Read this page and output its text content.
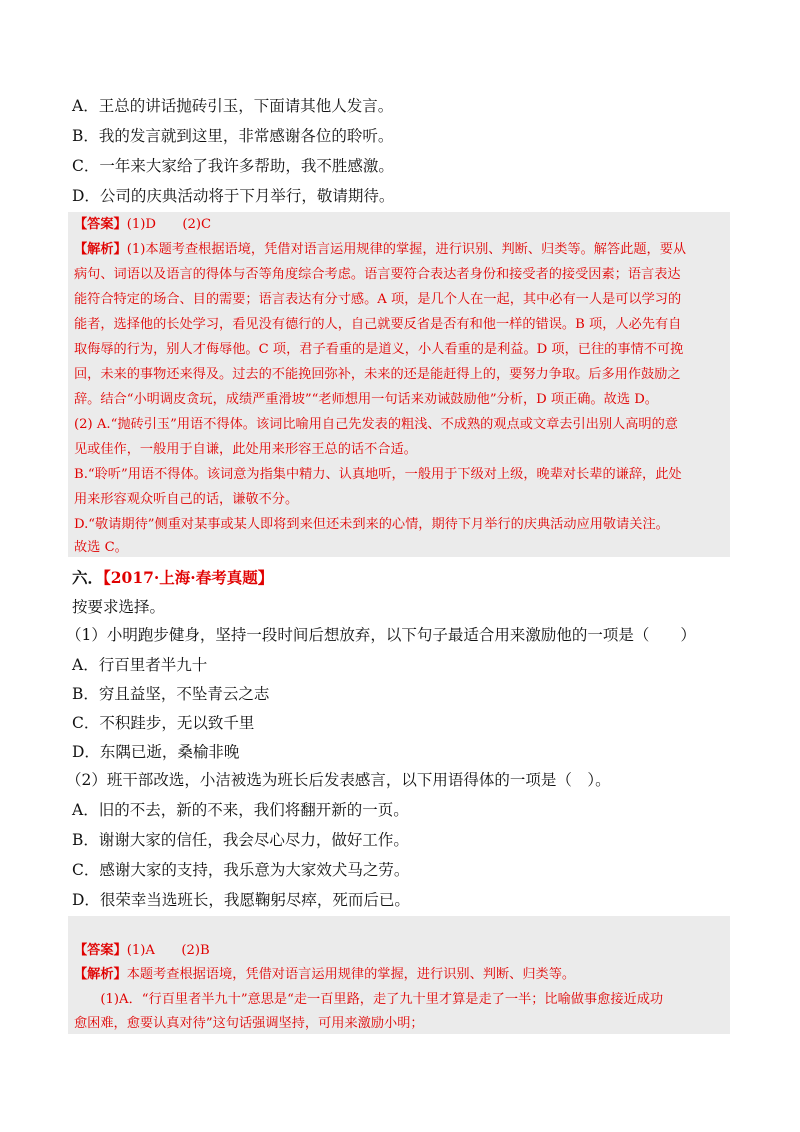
A．王总的讲话抛砖引玉，下面请其他人发言。
B．我的发言就到这里，非常感谢各位的聆听。
C．一年来大家给了我许多帮助，我不胜感激。
D．公司的庆典活动将于下月举行，敬请期待。
【答案】(1)D　　(2)C
【解析】(1)本题考查根据语境，凭借对语言运用规律的掌握，进行识别、判断、归类等。解答此题，要从
病句、词语以及语言的得体与否等角度综合考虑。语言要符合表达者身份和接受者的接受因素；语言表达
能符合特定的场合、目的需要；语言表达有分寸感。A 项，是几个人在一起，其中必有一人是可以学习的
能者，选择他的长处学习，看见没有德行的人，自己就要反省是否有和他一样的错误。B 项，人必先有自
取侮辱的行为，别人才侮辱他。C 项，君子看重的是道义，小人看重的是利益。D 项，已往的事情不可挽
回，未来的事物还来得及。过去的不能挽回弥补，未来的还是能赶得上的，要努力争取。后多用作鼓励之
辞。结合“小明调皮贪玩，成绩严重滑坡”“老师想用一句话来劝诫鼓励他”分析，D 项正确。故选 D。
(2) A.“抛砖引玉”用语不得体。该词比喻用自己先发表的粗浅、不成熟的观点或文章去引出别人高明的意
见或佳作，一般用于自谦，此处用来形容王总的话不合适。
B.“聆听”用语不得体。该词意为指集中精力、认真地听，一般用于下级对上级，晚辈对长辈的谦辞，此处
用来形容观众听自己的话，谦敬不分。
D.“敬请期待”侧重对某事或某人即将到来但还未到来的心情，期待下月举行的庆典活动应用敬请关注。
故选 C。
六．【2017·上海·春考真题】
按要求选择。
（1）小明跑步健身，坚持一段时间后想放弃，以下句子最适合用来激励他的一项是（　　）
A．行百里者半九十
B．穷且益坚，不坠青云之志
C．不积跬步，无以致千里
D．东隅已逝，桑榆非晚
（2）班干部改选，小洁被选为班长后发表感言，以下用语得体的一项是（　）。
A．旧的不去，新的不来，我们将翻开新的一页。
B．谢谢大家的信任，我会尽心尽力，做好工作。
C．感谢大家的支持，我乐意为大家效犬马之劳。
D．很荣幸当选班长，我愿鞠躬尽瘁，死而后已。
【答案】(1)A　　(2)B
【解析】本题考查根据语境，凭借对语言运用规律的掌握，进行识别、判断、归类等。
　　(1)A．“行百里者半九十”意思是“走一百里路，走了九十里才算是走了一半；比喻做事愈接近成功
愈困难，愈要认真对待”这句话强调坚持，可用来激励小明；
